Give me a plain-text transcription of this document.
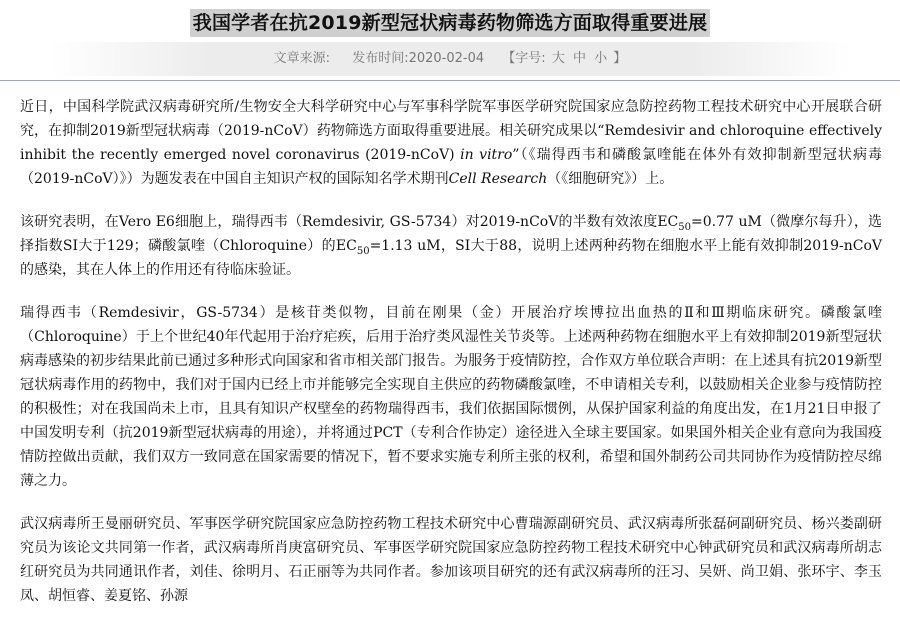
我国学者在抗2019新型冠状病毒药物筛选方面取得重要进展
文章来源: 发布时间:2020-02-04 【字号: 大 中 小 】

近日，中国科学院武汉病毒研究所/生物安全大科学研究中心与军事科学院军事医学研究院国家应急防控药物工程技术研究中心开展联合研究，在抑制2019新型冠状病毒（2019-nCoV）药物筛选方面取得重要进展。相关研究成果以“Remdesivir and chloroquine effectively inhibit the recently emerged novel coronavirus (2019-nCoV) in vitro”（《瑞得西韦和磷酸氯喹能在体外有效抑制新型冠状病毒（2019-nCoV）》）为题发表在中国自主知识产权的国际知名学术期刊Cell Research（《细胞研究》）上。

该研究表明，在Vero E6细胞上，瑞得西韦（Remdesivir, GS-5734）对2019-nCoV的半数有效浓度$EC_{50}=0.77$ uM（微摩尔每升），选择指数SI大于129；磷酸氯喹（Chloroquine）的$EC_{50}=1.13$ uM，SI大于88，说明上述两种药物在细胞水平上能有效抑制2019-nCoV的感染，其在人体上的作用还有待临床验证。

瑞得西韦（Remdesivir，GS-5734）是核苷类似物，目前在刚果（金）开展治疗埃博拉出血热的Ⅱ和Ⅲ期临床研究。磷酸氯喹（Chloroquine）于上个世纪40年代起用于治疗疟疾，后用于治疗类风湿性关节炎等。上述两种药物在细胞水平上有效抑制2019新型冠状病毒感染的初步结果此前已通过多种形式向国家和省市相关部门报告。为服务于疫情防控，合作双方单位联合声明：在上述具有抗2019新型冠状病毒作用的药物中，我们对于国内已经上市并能够完全实现自主供应的药物磷酸氯喹，不申请相关专利，以鼓励相关企业参与疫情防控的积极性；对在我国尚未上市，且具有知识产权壁垒的药物瑞得西韦，我们依据国际惯例，从保护国家利益的角度出发，在1月21日申报了中国发明专利（抗2019新型冠状病毒的用途），并将通过PCT（专利合作协定）途径进入全球主要国家。如果国外相关企业有意向为我国疫情防控做出贡献，我们双方一致同意在国家需要的情况下，暂不要求实施专利所主张的权利，希望和国外制药公司共同协作为疫情防控尽绵薄之力。

武汉病毒所王曼丽研究员、军事医学研究院国家应急防控药物工程技术研究中心曹瑞源副研究员、武汉病毒所张磊砢副研究员、杨兴娄副研究员为该论文共同第一作者，武汉病毒所肖庚富研究员、军事医学研究院国家应急防控药物工程技术研究中心钟武研究员和武汉病毒所胡志红研究员为共同通讯作者，刘佳、徐明月、石正丽等为共同作者。参加该项目研究的还有武汉病毒所的汪习、吴妍、尚卫娟、张环宇、李玉凤、胡恒睿、姜夏铭、孙源
